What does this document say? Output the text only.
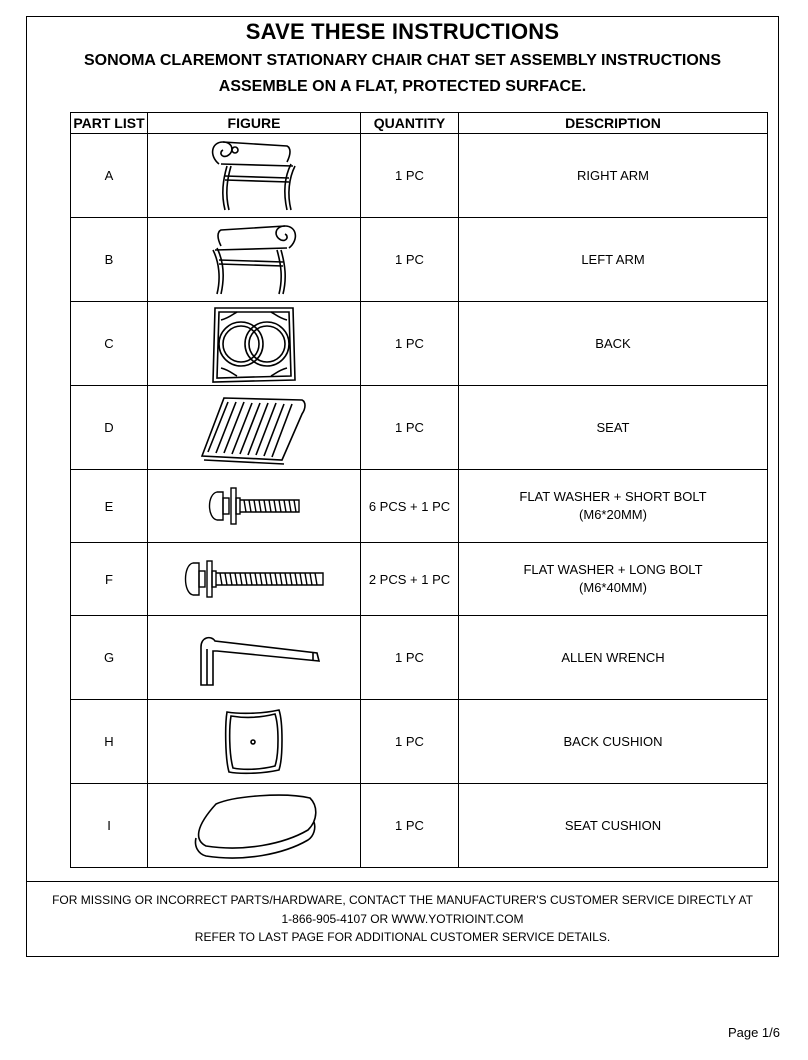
SAVE THESE INSTRUCTIONS
SONOMA CLAREMONT STATIONARY CHAIR CHAT SET ASSEMBLY INSTRUCTIONS
ASSEMBLE ON A FLAT, PROTECTED SURFACE.
PART LIST	FIGURE	QUANTITY	DESCRIPTION
A		1 PC	RIGHT ARM
B		1 PC	LEFT ARM
C		1 PC	BACK
D		1 PC	SEAT
E		6 PCS + 1 PC	FLAT WASHER + SHORT BOLT
(M6*20MM)

F		2 PCS + 1 PC	FLAT WASHER + LONG BOLT
(M6*40MM)

G		1 PC	ALLEN WRENCH
H		1 PC	BACK CUSHION
I		1 PC	SEAT CUSHION
FOR MISSING OR INCORRECT PARTS/HARDWARE, CONTACT THE MANUFACTURER'S CUSTOMER SERVICE DIRECTLY AT
1-866-905-4107 OR WWW.YOTRIOINT.COM
REFER TO LAST PAGE FOR ADDITIONAL CUSTOMER SERVICE DETAILS.
Page 1/6
